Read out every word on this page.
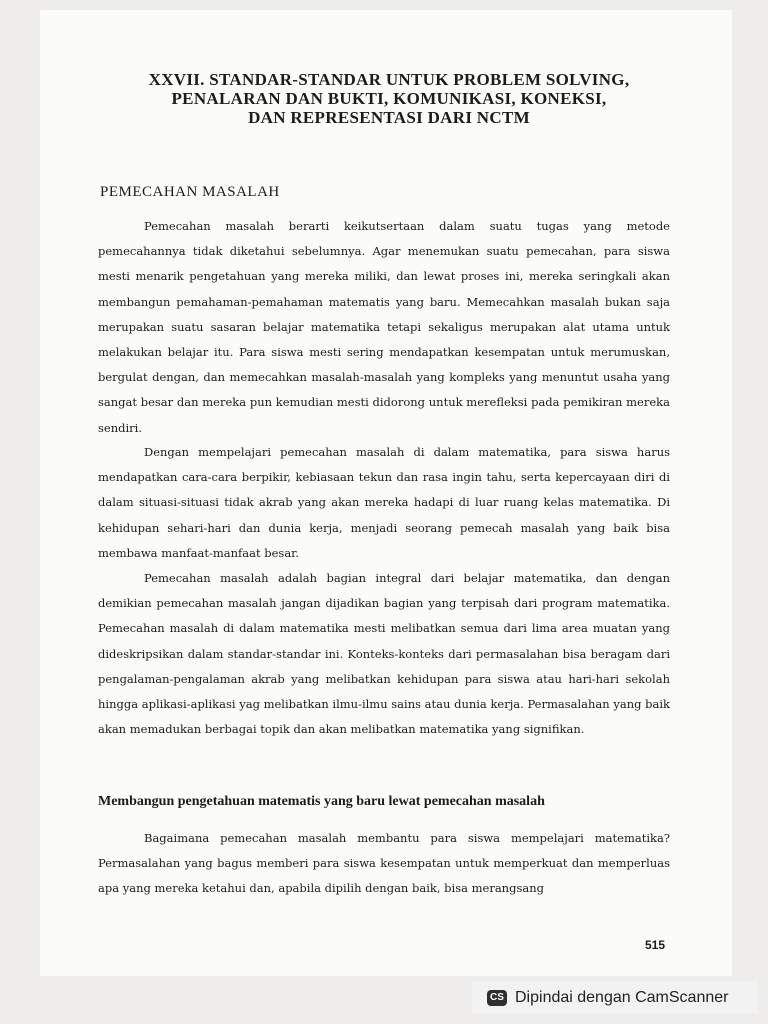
XXVII. STANDAR-STANDAR UNTUK PROBLEM SOLVING,
PENALARAN DAN BUKTI, KOMUNIKASI, KONEKSI,
DAN REPRESENTASI DARI NCTM
PEMECAHAN MASALAH

Pemecahan masalah berarti keikutsertaan dalam suatu tugas yang metode pemecahannya tidak diketahui sebelumnya. Agar menemukan suatu pemecahan, para siswa mesti menarik pengetahuan yang mereka miliki, dan lewat proses ini, mereka seringkali akan membangun pemahaman-pemahaman matematis yang baru. Memecahkan masalah bukan saja merupakan suatu sasaran belajar matematika tetapi sekaligus merupakan alat utama untuk melakukan belajar itu. Para siswa mesti sering mendapatkan kesempatan untuk merumuskan, bergulat dengan, dan memecahkan masalah-masalah yang kompleks yang menuntut usaha yang sangat besar dan mereka pun kemudian mesti didorong untuk merefleksi pada pemikiran mereka sendiri.

Dengan mempelajari pemecahan masalah di dalam matematika, para siswa harus mendapatkan cara-cara berpikir, kebiasaan tekun dan rasa ingin tahu, serta kepercayaan diri di dalam situasi-situasi tidak akrab yang akan mereka hadapi di luar ruang kelas matematika. Di kehidupan sehari-hari dan dunia kerja, menjadi seorang pemecah masalah yang baik bisa membawa manfaat-manfaat besar.

Pemecahan masalah adalah bagian integral dari belajar matematika, dan dengan demikian pemecahan masalah jangan dijadikan bagian yang terpisah dari program matematika. Pemecahan masalah di dalam matematika mesti melibatkan semua dari lima area muatan yang dideskripsikan dalam standar-standar ini. Konteks-konteks dari permasalahan bisa beragam dari pengalaman-pengalaman akrab yang melibatkan kehidupan para siswa atau hari-hari sekolah hingga aplikasi-aplikasi yag melibatkan ilmu-ilmu sains atau dunia kerja. Permasalahan yang baik akan memadukan berbagai topik dan akan melibatkan matematika yang signifikan.

Membangun pengetahuan matematis yang baru lewat pemecahan masalah

Bagaimana pemecahan masalah membantu para siswa mempelajari matematika? Permasalahan yang bagus memberi para siswa kesempatan untuk memperkuat dan memperluas apa yang mereka ketahui dan, apabila dipilih dengan baik, bisa merangsang

515
CS Dipindai dengan CamScanner
